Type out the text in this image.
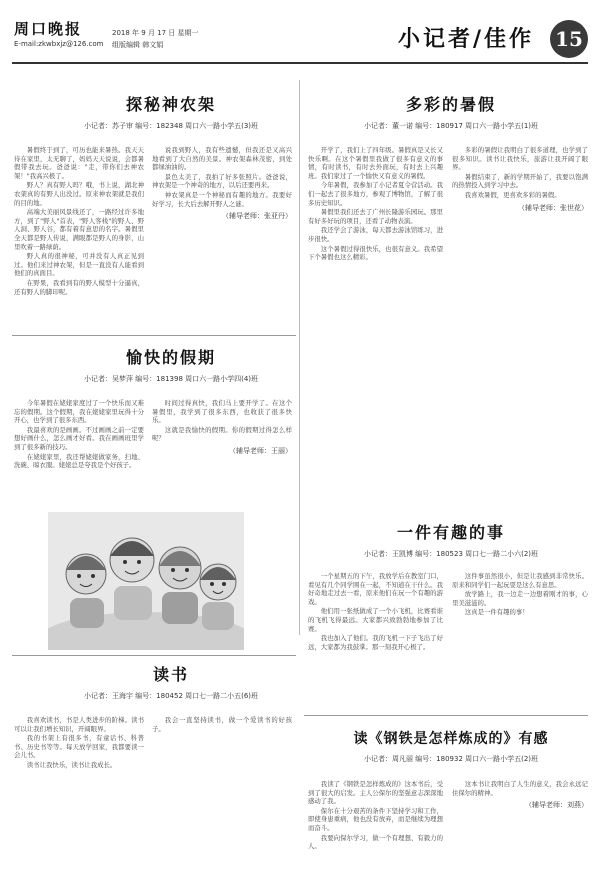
周口晚报
E-mail:zkwbxjz@126.com
2018 年 9 月 17 日 星期一
组版编辑 韩文娟	小记者/佳作 15
探秘神农架
小记者：苏子审 编号：182348 周口六一路小学五(3)班

暑假终于到了，可历也能来暑热。我天天待在家里，太无聊了，妈妈天天说说，会都暑假带我去玩。爸爸说："走，带你们去神农架！"我高兴极了。

野人？真有野人吗？哦，书上说，湖北神农架真的有野人出没过。原来神农架就是我们的目的地。

高端大美丽风景线还了，一路经过许多地方，到了"野人"首表，"野人客栈"的野人、野人洞、野人谷，都有着有意思的名字。暑假里全天都是野人传说，满眼都是野人的身影，山里吹着一路绿荫。

野人真的很神秘，可并没有人真正见到过。他们来过神农架，但是一直没有人能看到他们的真面目。

在野果，我看到有的野人模型十分逼真，还有野人的脚印呢。

说我到野人，我有些遗憾，但我还是又高兴地看到了大自然的美景。神农架森林茂密，到处都绿油油的。

景色太美了，我拍了好多张照片。爸爸说，神农架是一个神奇的地方，以后还要再来。

神农架真是一个神秘而有趣的地方。我要好好学习，长大后去解开野人之谜。

（辅导老师：张亚丹）
多彩的暑假
小记者：董一诺 编号：180917 周口六一路小学五(1)班

开学了，我们上了四年级。暑假真是又长又快乐啊。在这个暑假里我做了很多有意义的事情，有时读书，有时去外面玩，有时去上兴趣班。我们家过了一个愉快又有意义的暑假。

今年暑假，我参加了小记者夏令营活动。我们一起去了很多地方，参观了博物馆，了解了很多历史知识。

暑假里我们还去了广州长隆游乐园玩。那里有好多好玩的项目，还看了动物表演。

我还学会了游泳，每天都去游泳馆练习，进步很快。

这个暑假过得很快乐，也很有意义。我希望下个暑假也这么精彩。

多彩的暑假让我明白了很多道理，也学到了很多知识。读书让我快乐，旅游让我开阔了眼界。

暑假结束了，新的学期开始了，我要以饱满的热情投入到学习中去。

我喜欢暑假，更喜欢多彩的暑假。

（辅导老师：张世花）
愉快的假期
小记者：吴梦萍 编号：181398 周口六一路小学四(4)班

今年暑假在姥姥家度过了一个快乐而又难忘的假期。这个假期，我在姥姥家里玩得十分开心，也学到了很多东西。

我最喜欢的是画画。不过画画之前一定要想好画什么，怎么画才好看。我在画画班里学到了很多新的技巧。

在姥姥家里，我还帮姥姥做家务，扫地、洗碗、晾衣服。姥姥总是夸我是个好孩子。

时间过得真快，我们马上要开学了。在这个暑假里，我学到了很多东西，也收获了很多快乐。

这就是我愉快的假期。你的假期过得怎么样呢？

（辅导老师：王丽）
一件有趣的事
小记者：王凯博 编号：180523 周口七一路二小六(2)班

一个星期五的下午，我放学后在教室门口，看见有几个同学围在一起，不知道在干什么。我好奇地走过去一看，原来他们在玩一个有趣的游戏。

他们用一张纸做成了一个小飞机，比赛看谁的飞机飞得最远。大家都兴致勃勃地参加了比赛。

我也加入了他们。我的飞机一下子飞出了好远，大家都为我鼓掌。那一刻我开心极了。

这件事虽然很小，但是让我感到非常快乐。原来和同学们一起玩耍是这么有意思。

放学路上，我一边走一边想着刚才的事，心里美滋滋的。

这真是一件有趣的事！

读书
小记者：王海宇 编号：180452 周口七一路二小五(6)班

我喜欢读书，书是人类进步的阶梯。读书可以让我们增长知识，开阔眼界。

我的书架上有很多书，有童话书、科普书、历史书等等。每天放学回家，我都要读一会儿书。

读书让我快乐，读书让我成长。

我会一直坚持读书，做一个爱读书的好孩子。

读《钢铁是怎样炼成的》有感
小记者：周凡丽 编号：180932 周口六一路小学五(2)班

我读了《钢铁是怎样炼成的》这本书后，受到了很大的启发。主人公保尔的坚强意志深深地感动了我。

保尔在十分艰苦的条件下坚持学习和工作，即使身患重病，他也没有放弃，而是继续为理想而奋斗。

我要向保尔学习，做一个有理想、有毅力的人。

这本书让我明白了人生的意义，我会永远记住保尔的精神。

（辅导老师：刘燕）
